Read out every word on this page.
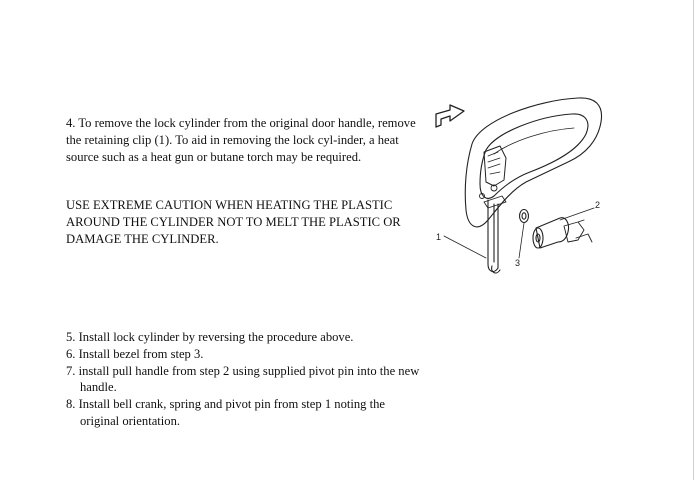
4. To remove the lock cylinder from the original door handle, remove the retaining clip (1). To aid in removing the lock cyl-inder, a heat source such as a heat gun or butane torch may be required.

USE EXTREME CAUTION WHEN HEATING THE PLASTIC AROUND THE CYLINDER NOT TO MELT THE PLASTIC OR DAMAGE THE CYLINDER.

5. Install lock cylinder by reversing the procedure above.

6. Install bezel from step 3.

7. install pull handle from step 2 using supplied pivot pin into the new handle.

8. Install bell crank, spring and pivot pin from step 1 noting the original orientation.

1
2
3
